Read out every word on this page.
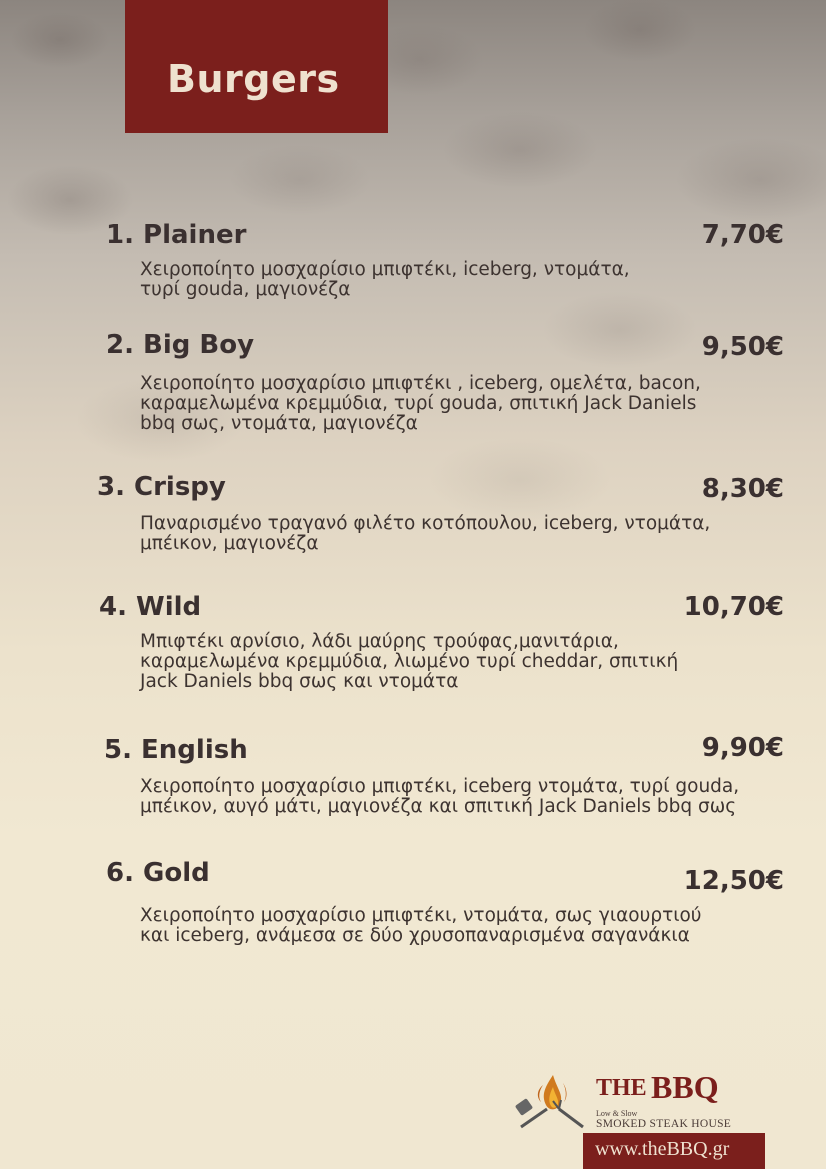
Burgers
1. Plainer	7,70€
Χειροποίητο μοσχαρίσιο μπιφτέκι, iceberg, ντομάτα,
τυρί gouda, μαγιονέζα
2. Big Boy	9,50€
Χειροποίητο μοσχαρίσιο μπιφτέκι , iceberg, ομελέτα, bacon,
καραμελωμένα κρεμμύδια, τυρί gouda, σπιτική Jack Daniels
bbq σως, ντομάτα, μαγιονέζα
3. Crispy	8,30€
Παναρισμένο τραγανό φιλέτο κοτόπουλου, iceberg, ντομάτα,
μπέικον, μαγιονέζα
4. Wild	10,70€
Μπιφτέκι αρνίσιο, λάδι μαύρης τρούφας,μανιτάρια,
καραμελωμένα κρεμμύδια, λιωμένο τυρί cheddar, σπιτική
Jack Daniels bbq σως και ντομάτα
5. English	9,90€
Χειροποίητο μοσχαρίσιο μπιφτέκι, iceberg ντομάτα, τυρί gouda,
μπέικον, αυγό μάτι, μαγιονέζα και σπιτική Jack Daniels bbq σως
6. Gold	12,50€
Χειροποίητο μοσχαρίσιο μπιφτέκι, ντομάτα, σως γιαουρτιού
και iceberg, ανάμεσα σε δύο χρυσοπαναρισμένα σαγανάκια
THE BBQ
Low & Slow
SMOKED STEAK HOUSE
www.theBBQ.gr
